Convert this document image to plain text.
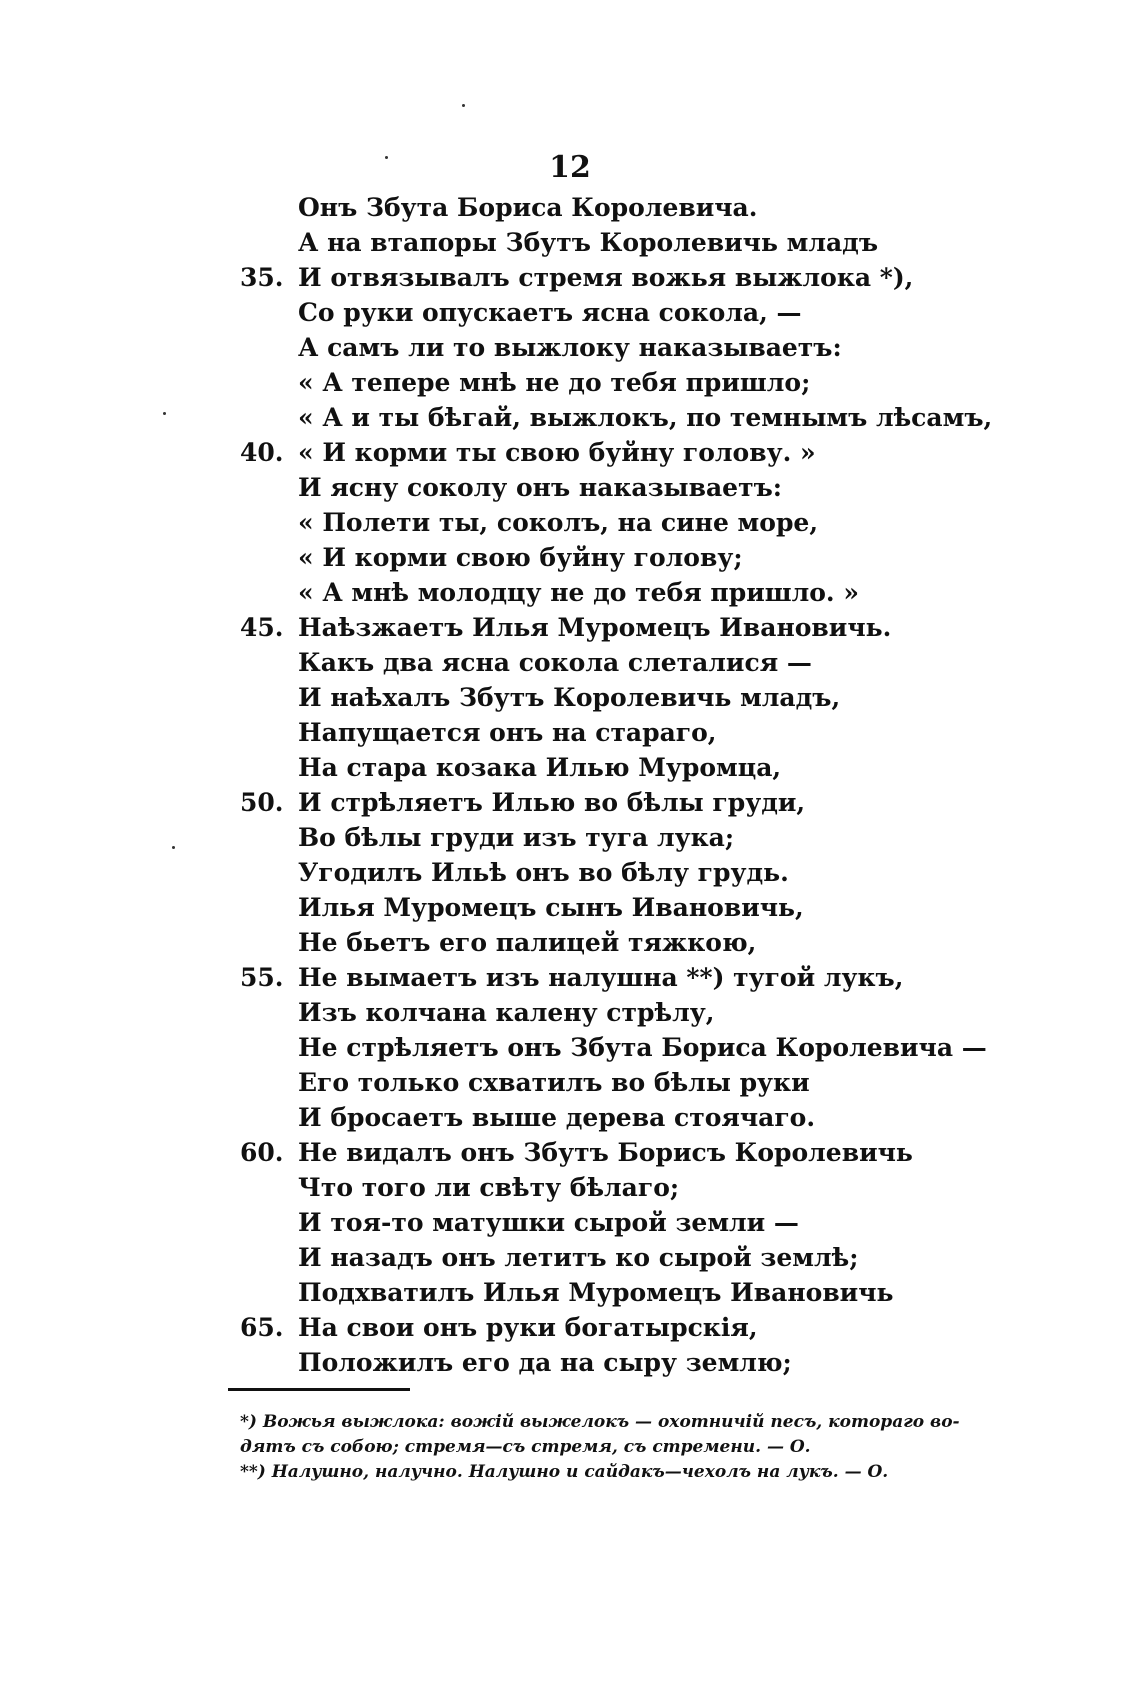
12
Онъ Збута Бориса Королевича.
А на втапоры Збутъ Королевичь младъ
35. И отвязывалъ стремя вожья выжлока *),
Со руки опускаетъ ясна сокола, —
А самъ ли то выжлоку наказываетъ:
« А тепере мнѣ не до тебя пришло;
« А и ты бѣгай, выжлокъ, по темнымъ лѣсамъ,
40. « И корми ты свою буйну голову. »
И ясну соколу онъ наказываетъ:
« Полети ты, соколъ, на сине море,
« И корми свою буйну голову;
« А мнѣ молодцу не до тебя пришло. »
45. Наѣзжаетъ Илья Муромецъ Ивановичь.
Какъ два ясна сокола слеталися —
И наѣхалъ Збутъ Королевичь младъ,
Напущается онъ на стараго,
На стара козака Илью Муромца,
50. И стрѣляетъ Илью во бѣлы груди,
Во бѣлы груди изъ туга лука;
Угодилъ Ильѣ онъ во бѣлу грудь.
Илья Муромецъ сынъ Ивановичь,
Не бьетъ его палицей тяжкою,
55. Не вымаетъ изъ налушна **) тугой лукъ,
Изъ колчана калену стрѣлу,
Не стрѣляетъ онъ Збута Бориса Королевича —
Его только схватилъ во бѣлы руки
И бросаетъ выше дерева стоячаго.
60. Не видалъ онъ Збутъ Борисъ Королевичь
Что того ли свѣту бѣлаго;
И тоя-то матушки сырой земли —
И назадъ онъ летитъ ко сырой землѣ;
Подхватилъ Илья Муромецъ Ивановичь
65. На свои онъ руки богатырскія,
Положилъ его да на сыру землю;
*) Вожья выжлока: вожій выжелокъ — охотничій песъ, котораго во-
дятъ съ собою; стремя—съ стремя, съ стремени. — О.
**) Налушно, налучно. Налушно и сайдакъ—чехолъ на лукъ. — О.
